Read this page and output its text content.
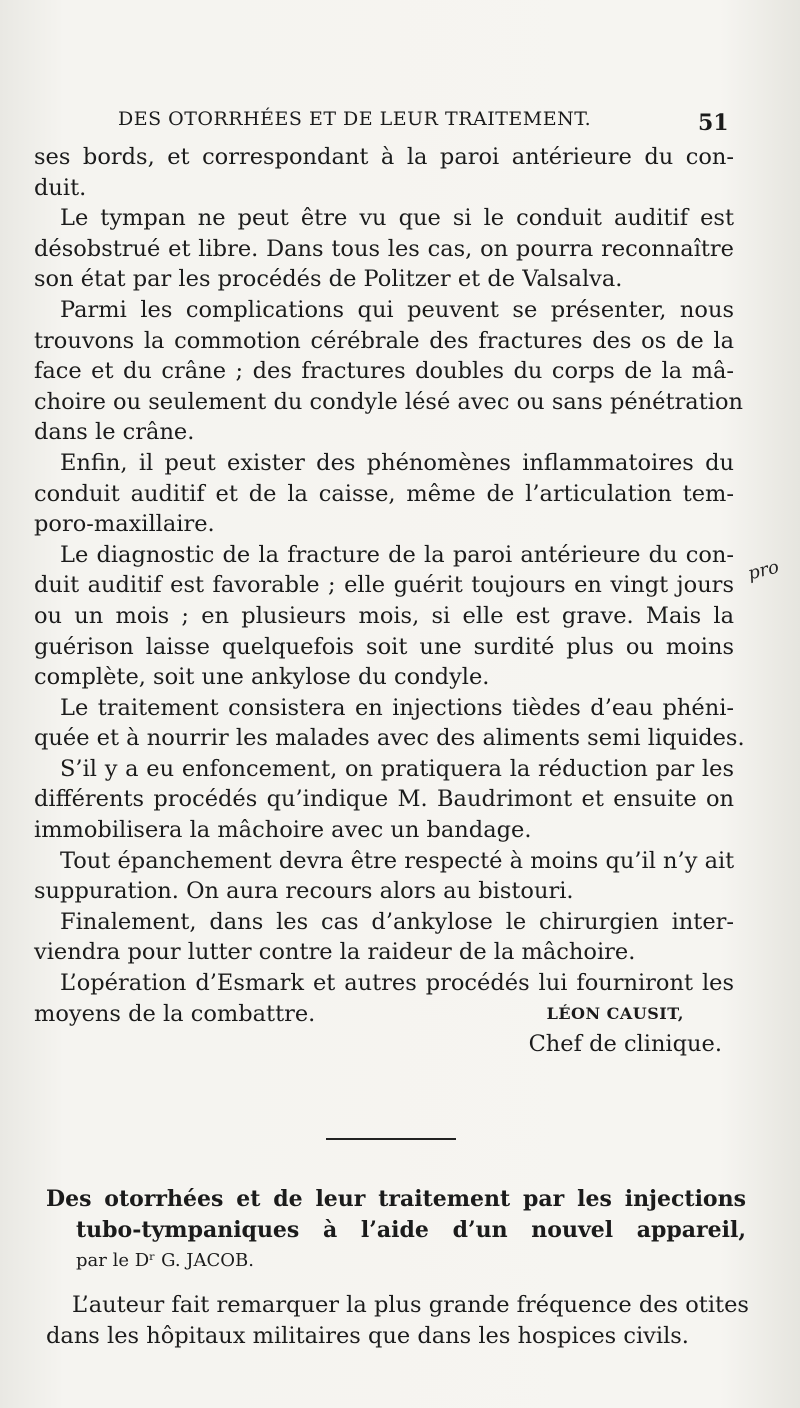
DES OTORRHÉES ET DE LEUR TRAITEMENT.	51
ses bords, et correspondant à la paroi antérieure du con-
duit.
Le tympan ne peut être vu que si le conduit auditif est
désobstrué et libre. Dans tous les cas, on pourra reconnaître
son état par les procédés de Politzer et de Valsalva.
Parmi les complications qui peuvent se présenter, nous
trouvons la commotion cérébrale des fractures des os de la
face et du crâne ; des fractures doubles du corps de la mâ-
choire ou seulement du condyle lésé avec ou sans pénétration
dans le crâne.
Enfin, il peut exister des phénomènes inflammatoires du
conduit auditif et de la caisse, même de l’articulation tem-
poro-maxillaire.
Le diagnostic de la fracture de la paroi antérieure du con-
duit auditif est favorable ; elle guérit toujours en vingt jours
ou un mois ; en plusieurs mois, si elle est grave. Mais la
guérison laisse quelquefois soit une surdité plus ou moins
complète, soit une ankylose du condyle.
Le traitement consistera en injections tièdes d’eau phéni-
quée et à nourrir les malades avec des aliments semi liquides.
S’il y a eu enfoncement, on pratiquera la réduction par les
différents procédés qu’indique M. Baudrimont et ensuite on
immobilisera la mâchoire avec un bandage.
Tout épanchement devra être respecté à moins qu’il n’y ait
suppuration. On aura recours alors au bistouri.
Finalement, dans les cas d’ankylose le chirurgien inter-
viendra pour lutter contre la raideur de la mâchoire.
L’opération d’Esmark et autres procédés lui fourniront les
moyens de la combattre.	LÉON CAUSIT,
Chef de clinique.
pro
Des otorrhées et de leur traitement par les injections
tubo-tympaniques à l’aide d’un nouvel appareil,
par le Dʳ G. JACOB.
L’auteur fait remarquer la plus grande fréquence des otites
dans les hôpitaux militaires que dans les hospices civils.
